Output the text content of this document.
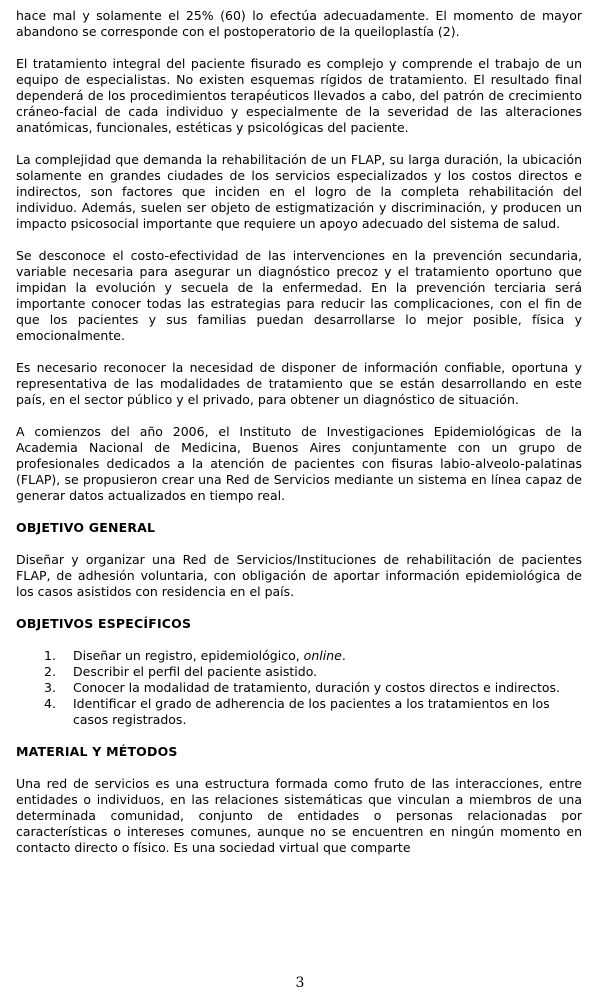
hace mal y solamente el 25% (60) lo efectúa adecuadamente. El momento de mayor abandono se corresponde con el postoperatorio de la queiloplastía (2).

El tratamiento integral del paciente fisurado es complejo y comprende el trabajo de un equipo de especialistas. No existen esquemas rígidos de tratamiento. El resultado final dependerá de los procedimientos terapéuticos llevados a cabo, del patrón de crecimiento cráneo-facial de cada individuo y especialmente de la severidad de las alteraciones anatómicas, funcionales, estéticas y psicológicas del paciente.

La complejidad que demanda la rehabilitación de un FLAP, su larga duración, la ubicación solamente en grandes ciudades de los servicios especializados y los costos directos e indirectos, son factores que inciden en el logro de la completa rehabilitación del individuo. Además, suelen ser objeto de estigmatización y discriminación, y producen un impacto psicosocial importante que requiere un apoyo adecuado del sistema de salud.

Se desconoce el costo-efectividad de las intervenciones en la prevención secundaria, variable necesaria para asegurar un diagnóstico precoz y el tratamiento oportuno que impidan la evolución y secuela de la enfermedad. En la prevención terciaria será importante conocer todas las estrategias para reducir las complicaciones, con el fin de que los pacientes y sus familias puedan desarrollarse lo mejor posible, física y emocionalmente.

Es necesario reconocer la necesidad de disponer de información confiable, oportuna y representativa de las modalidades de tratamiento que se están desarrollando en este país, en el sector público y el privado, para obtener un diagnóstico de situación.

A comienzos del año 2006, el Instituto de Investigaciones Epidemiológicas de la Academia Nacional de Medicina, Buenos Aires conjuntamente con un grupo de profesionales dedicados a la atención de pacientes con fisuras labio-alveolo-palatinas (FLAP), se propusieron crear una Red de Servicios mediante un sistema en línea capaz de generar datos actualizados en tiempo real.

OBJETIVO GENERAL

Diseñar y organizar una Red de Servicios/Instituciones de rehabilitación de pacientes FLAP, de adhesión voluntaria, con obligación de aportar información epidemiológica de los casos asistidos con residencia en el país.

OBJETIVOS ESPECÍFICOS
1.	Diseñar un registro, epidemiológico, online.
2.	Describir el perfil del paciente asistido.
3.	Conocer la modalidad de tratamiento, duración y costos directos e indirectos.
4.	Identificar el grado de adherencia de los pacientes a los tratamientos en los casos registrados.
MATERIAL Y MÉTODOS

Una red de servicios es una estructura formada como fruto de las interacciones, entre entidades o individuos, en las relaciones sistemáticas que vinculan a miembros de una determinada comunidad, conjunto de entidades o personas relacionadas por características o intereses comunes, aunque no se encuentren en ningún momento en contacto directo o físico. Es una sociedad virtual que comparte

3
